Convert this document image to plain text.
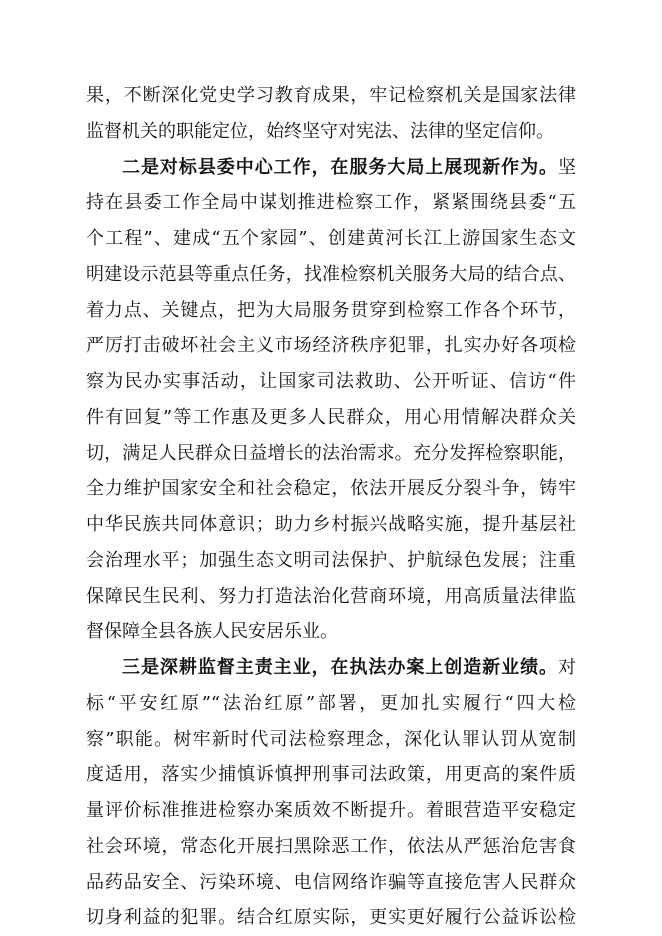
果，不断深化党史学习教育成果，牢记检察机关是国家法律
监督机关的职能定位，始终坚守对宪法、法律的坚定信仰。
二是对标县委中心工作，在服务大局上展现新作为。坚
持在县委工作全局中谋划推进检察工作，紧紧围绕县委“五
个工程”、建成“五个家园”、创建黄河长江上游国家生态文
明建设示范县等重点任务，找准检察机关服务大局的结合点、
着力点、关键点，把为大局服务贯穿到检察工作各个环节，
严厉打击破坏社会主义市场经济秩序犯罪，扎实办好各项检
察为民办实事活动，让国家司法救助、公开听证、信访“件
件有回复”等工作惠及更多人民群众，用心用情解决群众关
切，满足人民群众日益增长的法治需求。充分发挥检察职能，
全力维护国家安全和社会稳定，依法开展反分裂斗争，铸牢
中华民族共同体意识；助力乡村振兴战略实施，提升基层社
会治理水平；加强生态文明司法保护、护航绿色发展；注重
保障民生民利、努力打造法治化营商环境，用高质量法律监
督保障全县各族人民安居乐业。
三是深耕监督主责主业，在执法办案上创造新业绩。对
标“平安红原”“法治红原”部署，更加扎实履行“四大检
察”职能。树牢新时代司法检察理念，深化认罪认罚从宽制
度适用，落实少捕慎诉慎押刑事司法政策，用更高的案件质
量评价标准推进检察办案质效不断提升。着眼营造平安稳定
社会环境，常态化开展扫黑除恶工作，依法从严惩治危害食
品药品安全、污染环境、电信网络诈骗等直接危害人民群众
切身利益的犯罪。结合红原实际，更实更好履行公益诉讼检
